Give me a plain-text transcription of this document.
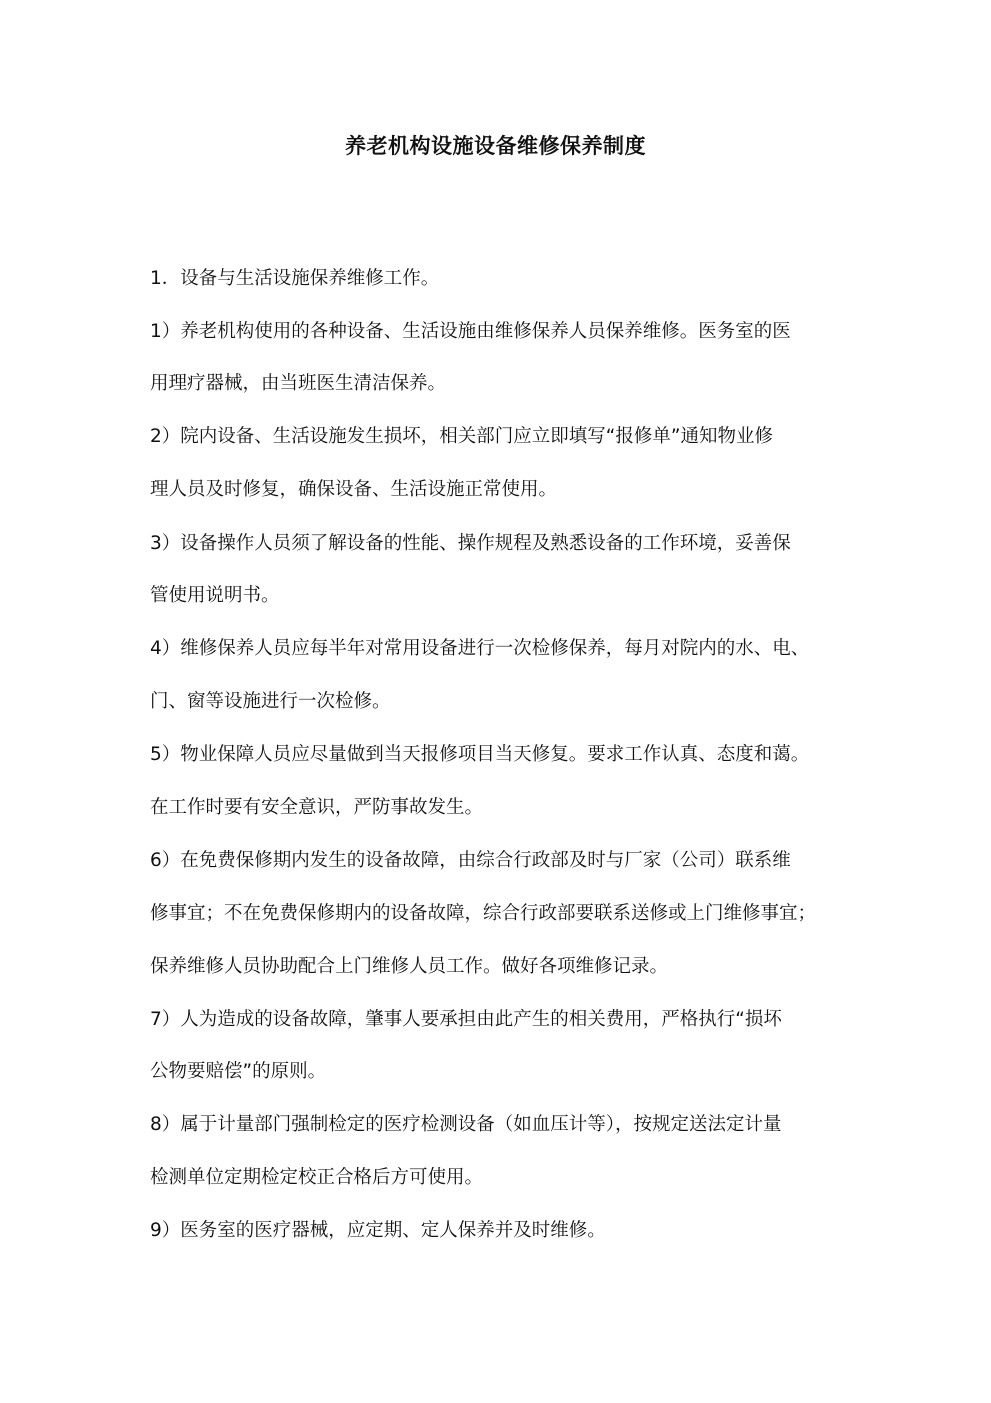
养老机构设施设备维修保养制度

1．设备与生活设施保养维修工作。

1）养老机构使用的各种设备、生活设施由维修保养人员保养维修。医务室的医

用理疗器械，由当班医生清洁保养。

2）院内设备、生活设施发生损坏，相关部门应立即填写“报修单”通知物业修

理人员及时修复，确保设备、生活设施正常使用。

3）设备操作人员须了解设备的性能、操作规程及熟悉设备的工作环境，妥善保

管使用说明书。

4）维修保养人员应每半年对常用设备进行一次检修保养，每月对院内的水、电、

门、窗等设施进行一次检修。

5）物业保障人员应尽量做到当天报修项目当天修复。要求工作认真、态度和蔼。

在工作时要有安全意识，严防事故发生。

6）在免费保修期内发生的设备故障，由综合行政部及时与厂家（公司）联系维

修事宜；不在免费保修期内的设备故障，综合行政部要联系送修或上门维修事宜；

保养维修人员协助配合上门维修人员工作。做好各项维修记录。

7）人为造成的设备故障，肇事人要承担由此产生的相关费用，严格执行“损坏

公物要赔偿”的原则。

8）属于计量部门强制检定的医疗检测设备（如血压计等），按规定送法定计量

检测单位定期检定校正合格后方可使用。

9）医务室的医疗器械，应定期、定人保养并及时维修。
